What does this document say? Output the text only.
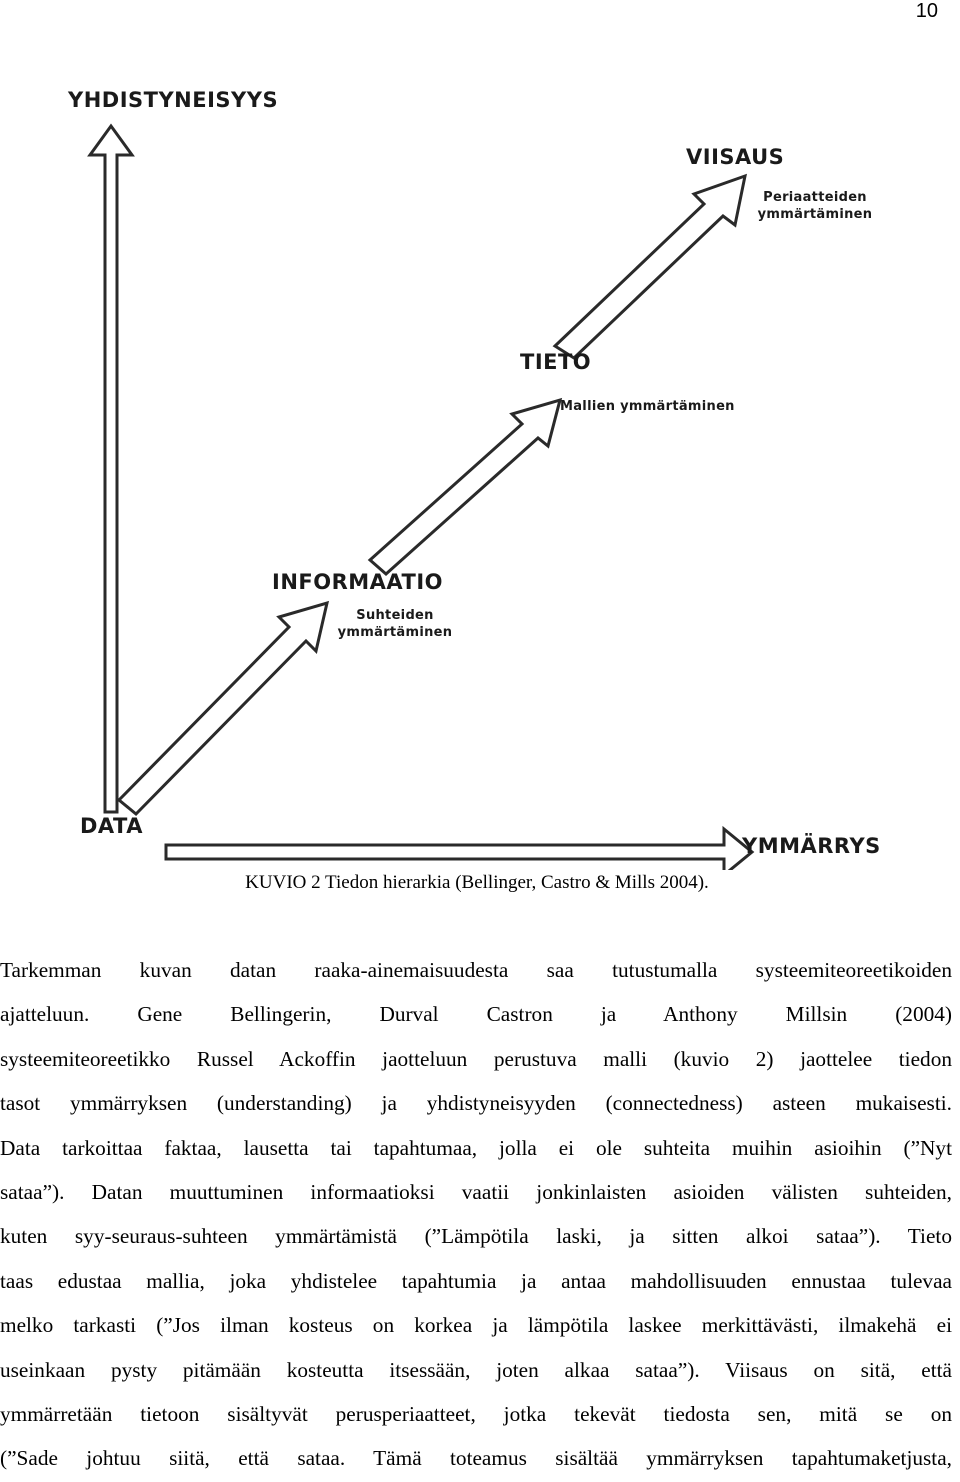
10
YHDISTYNEISYYS
YMMÄRRYS
DATA
INFORMAATIO
Suhteiden
ymmärtäminen
TIETO
Mallien ymmärtäminen
VIISAUS
Periaatteiden
ymmärtäminen
KUVIO 2 Tiedon hierarkia (Bellinger, Castro & Mills 2004).
Tarkemman kuvan datan raaka-ainemaisuudesta saa tutustumalla systeemiteoreetikoiden
ajatteluun. Gene Bellingerin, Durval Castron ja Anthony Millsin (2004)
systeemiteoreetikko Russel Ackoffin jaotteluun perustuva malli (kuvio 2) jaottelee tiedon
tasot ymmärryksen (understanding) ja yhdistyneisyyden (connectedness) asteen mukaisesti.
Data tarkoittaa faktaa, lausetta tai tapahtumaa, jolla ei ole suhteita muihin asioihin (”Nyt
sataa”). Datan muuttuminen informaatioksi vaatii jonkinlaisten asioiden välisten suhteiden,
kuten syy-seuraus-suhteen ymmärtämistä (”Lämpötila laski, ja sitten alkoi sataa”). Tieto
taas edustaa mallia, joka yhdistelee tapahtumia ja antaa mahdollisuuden ennustaa tulevaa
melko tarkasti (”Jos ilman kosteus on korkea ja lämpötila laskee merkittävästi, ilmakehä ei
useinkaan pysty pitämään kosteutta itsessään, joten alkaa sataa”). Viisaus on sitä, että
ymmärretään tietoon sisältyvät perusperiaatteet, jotka tekevät tiedosta sen, mitä se on
(”Sade johtuu siitä, että sataa. Tämä toteamus sisältää ymmärryksen tapahtumaketjusta,
